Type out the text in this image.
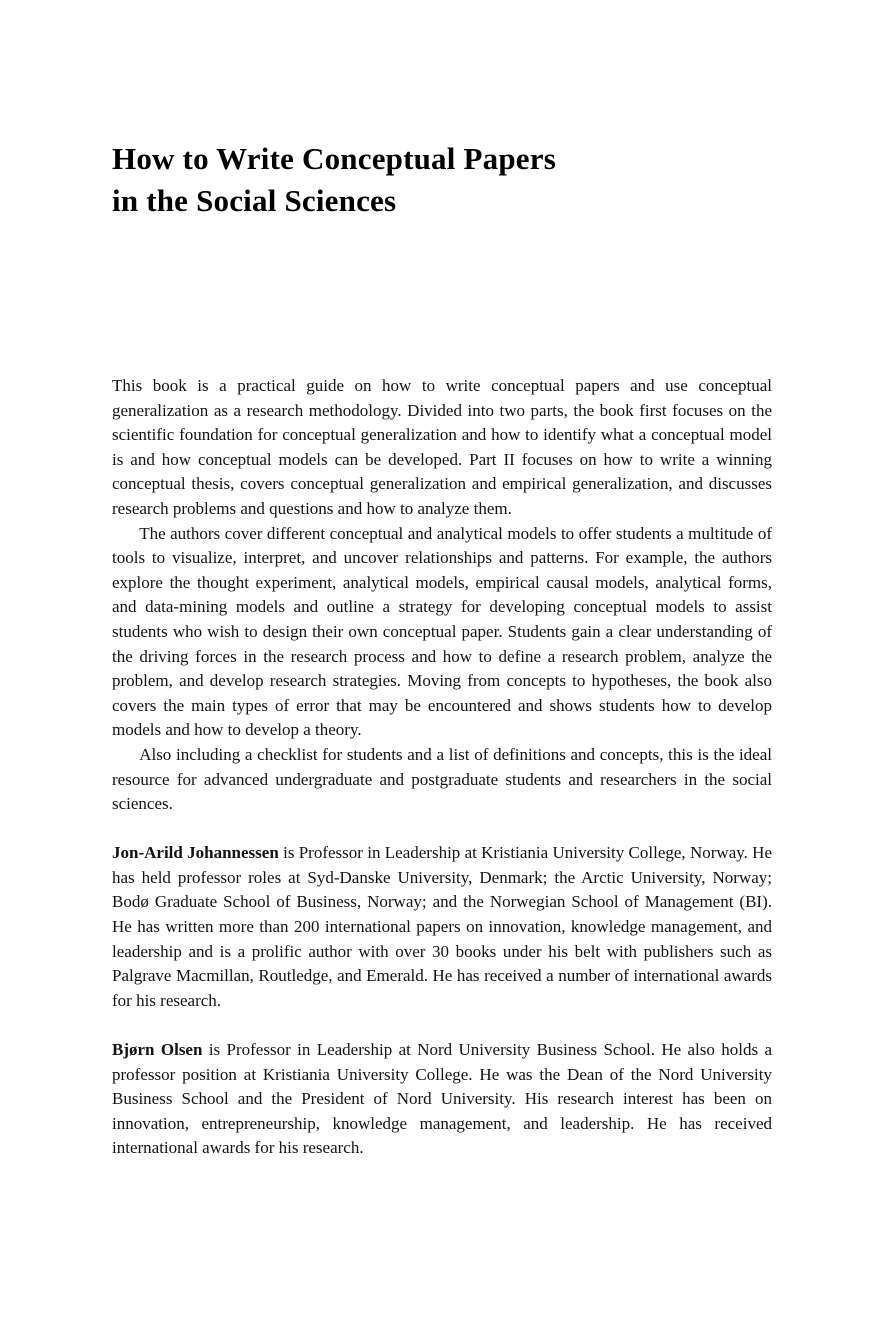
How to Write Conceptual Papers
in the Social Sciences

This book is a practical guide on how to write conceptual papers and use conceptual generalization as a research methodology. Divided into two parts, the book first focuses on the scientific foundation for conceptual generalization and how to identify what a conceptual model is and how conceptual models can be developed. Part II focuses on how to write a winning conceptual thesis, covers conceptual generalization and empirical generalization, and discusses research problems and questions and how to analyze them.

The authors cover different conceptual and analytical models to offer students a multitude of tools to visualize, interpret, and uncover relationships and patterns. For example, the authors explore the thought experiment, analytical models, empirical causal models, analytical forms, and data-mining models and outline a strategy for developing conceptual models to assist students who wish to design their own conceptual paper. Students gain a clear understanding of the driving forces in the research process and how to define a research problem, analyze the problem, and develop research strategies. Moving from concepts to hypotheses, the book also covers the main types of error that may be encountered and shows students how to develop models and how to develop a theory.

Also including a checklist for students and a list of definitions and concepts, this is the ideal resource for advanced undergraduate and postgraduate students and researchers in the social sciences.

Jon-Arild Johannessen is Professor in Leadership at Kristiania University College, Norway. He has held professor roles at Syd-Danske University, Denmark; the Arctic University, Norway; Bodø Graduate School of Business, Norway; and the Norwegian School of Management (BI). He has written more than 200 international papers on innovation, knowledge management, and leadership and is a prolific author with over 30 books under his belt with publishers such as Palgrave Macmillan, Routledge, and Emerald. He has received a number of international awards for his research.

Bjørn Olsen is Professor in Leadership at Nord University Business School. He also holds a professor position at Kristiania University College. He was the Dean of the Nord University Business School and the President of Nord University. His research interest has been on innovation, entrepreneurship, knowledge management, and leadership. He has received international awards for his research.
